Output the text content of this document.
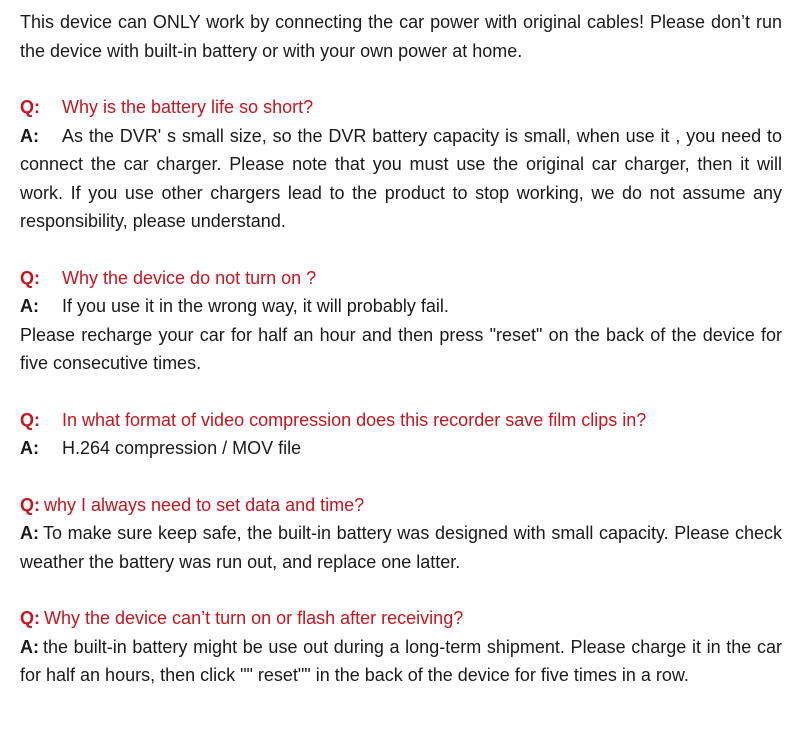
This device can ONLY work by connecting the car power with original cables! Please don’t run the device with built-in battery or with your own power at home.

Q: Why is the battery life so short?

A: As the DVR' s small size, so the DVR battery capacity is small, when use it , you need to connect the car charger. Please note that you must use the original car charger, then it will work. If you use other chargers lead to the product to stop working, we do not assume any responsibility, please understand.

Q: Why the device do not turn on ?

A: If you use it in the wrong way, it will probably fail.

Please recharge your car for half an hour and then press "reset" on the back of the device for five consecutive times.

Q: In what format of video compression does this recorder save film clips in?

A: H.264 compression / MOV file

Q: why I always need to set data and time?

A: To make sure keep safe, the built-in battery was designed with small capacity. Please check weather the battery was run out, and replace one latter.

Q: Why the device can’t turn on or flash after receiving?

A: the built-in battery might be use out during a long-term shipment. Please charge it in the car for half an hours, then click "" reset"" in the back of the device for five times in a row.
